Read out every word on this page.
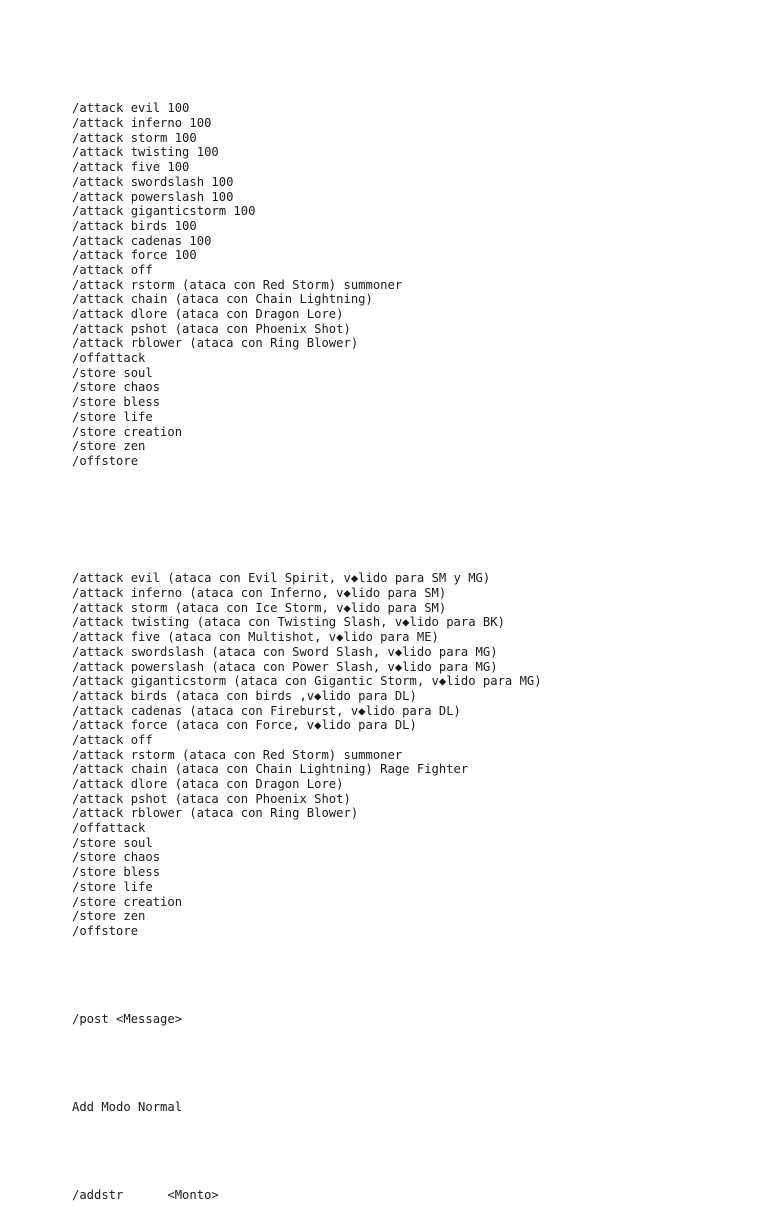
/attack evil 100
/attack inferno 100
/attack storm 100
/attack twisting 100
/attack five 100
/attack swordslash 100
/attack powerslash 100
/attack giganticstorm 100
/attack birds 100
/attack cadenas 100
/attack force 100
/attack off
/attack rstorm (ataca con Red Storm) summoner
/attack chain (ataca con Chain Lightning)
/attack dlore (ataca con Dragon Lore)
/attack pshot (ataca con Phoenix Shot)
/attack rblower (ataca con Ring Blower)
/offattack
/store soul
/store chaos
/store bless
/store life
/store creation
/store zen
/offstore

/attack evil (ataca con Evil Spirit, v◆lido para SM y MG)
/attack inferno (ataca con Inferno, v◆lido para SM)
/attack storm (ataca con Ice Storm, v◆lido para SM)
/attack twisting (ataca con Twisting Slash, v◆lido para BK)
/attack five (ataca con Multishot, v◆lido para ME)
/attack swordslash (ataca con Sword Slash, v◆lido para MG)
/attack powerslash (ataca con Power Slash, v◆lido para MG)
/attack giganticstorm (ataca con Gigantic Storm, v◆lido para MG)
/attack birds (ataca con birds ,v◆lido para DL)
/attack cadenas (ataca con Fireburst, v◆lido para DL)
/attack force (ataca con Force, v◆lido para DL)
/attack off
/attack rstorm (ataca con Red Storm) summoner
/attack chain (ataca con Chain Lightning) Rage Fighter
/attack dlore (ataca con Dragon Lore)
/attack pshot (ataca con Phoenix Shot)
/attack rblower (ataca con Ring Blower)
/offattack
/store soul
/store chaos
/store bless
/store life
/store creation
/store zen
/offstore

/post <Message>

Add Modo Normal

/addstr      <Monto>
